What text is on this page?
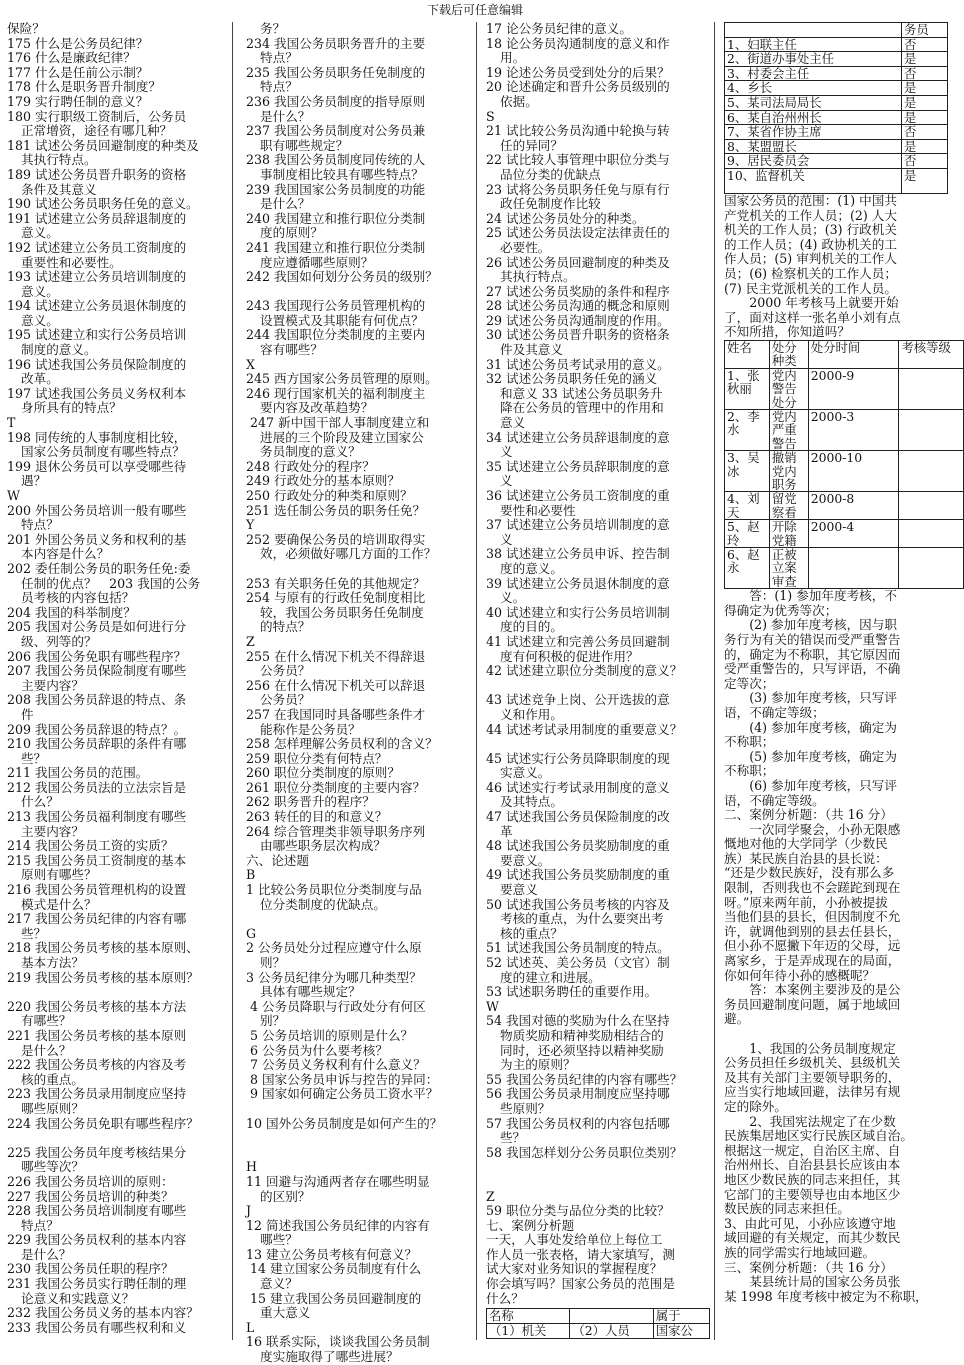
下载后可任意编辑
保险？
175 什么是公务员纪律？
176 什么是廉政纪律？
177 什么是任前公示制？
178 什么是职务晋升制度？
179 实行聘任制的意义？
180 实行职级工资制后，公务员
正常增资，途径有哪几种？
181 试述公务员回避制度的种类及
其执行特点。
189 试述公务员晋升职务的资格
条件及其意义
190 试述公务员职务任免的意义。
191 试述建立公务员辞退制度的
意义。
192 试述建立公务员工资制度的
重要性和必要性。
193 试述建立公务员培训制度的
意义。
194 试述建立公务员退休制度的
意义。
195 试述建立和实行公务员培训
制度的意义。
196 试述我国公务员保险制度的
改革。
197 试述我国公务员义务权利本
身所具有的特点？
T
198 同传统的人事制度相比较，
国家公务员制度有哪些特点？
199 退休公务员可以享受哪些待
遇？
W
200 外国公务员培训一般有哪些
特点？
201 外国公务员义务和权利的基
本内容是什么？
202 委任制公务员的职务任免:委
任制的优点？　203 我国的公务
员考核的内容包括？
204 我国的科举制度？
205 我国对公务员是如何进行分
级、列等的？
206 我国公务免职有哪些程序？
207 我国公务员保险制度有哪些
主要内容？
208 我国公务员辞退的特点、条
件
209 我国公务员辞退的特点？。
210 我国公务员辞职的条件有哪
些？
211 我国公务员的范围。
212 我国公务员法的立法宗旨是
什么？
213 我国公务员福利制度有哪些
主要内容？
214 我国公务员工资的实质？
215 我国公务员工资制度的基本
原则有哪些？
216 我国公务员管理机构的设置
模式是什么？
217 我国公务员纪律的内容有哪
些？
218 我国公务员考核的基本原则、
基本方法？
219 我国公务员考核的基本原则？
220 我国公务员考核的基本方法
有哪些？
221 我国公务员考核的基本原则
是什么？
222 我国公务员考核的内容及考
核的重点。
223 我国公务员录用制度应坚持
哪些原则？
224 我国公务员免职有哪些程序？
225 我国公务员年度考核结果分
哪些等次？
226 我国公务员培训的原则：
227 我国公务员培训的种类？
228 我国公务员培训制度有哪些
特点？
229 我国公务员权利的基本内容
是什么？
230 我国公务员任职的程序？
231 我国公务员实行聘任制的理
论意义和实践意义？
232 我国公务员义务的基本内容？
233 我国公务员有哪些权利和义
务？
234 我国公务员职务晋升的主要
特点？
235 我国公务员职务任免制度的
特点？
236 我国公务员制度的指导原则
是什么？
237 我国公务员制度对公务员兼
职有哪些规定？
238 我国公务员制度同传统的人
事制度相比较具有哪些特点？
239 我国国家公务员制度的功能
是什么？
240 我国建立和推行职位分类制
度的原则？
241 我国建立和推行职位分类制
度应遵循哪些原则？
242 我国如何划分公务员的级别？
243 我国现行公务员管理机构的
设置模式及其职能有何优点？
244 我国职位分类制度的主要内
容有哪些？
X
245 西方国家公务员管理的原则。
246 现行国家机关的福利制度主
要内容及改革趋势？
247 新中国干部人事制度建立和
进展的三个阶段及建立国家公
务员制度的意义？
248 行政处分的程序？
249 行政处分的基本原则？
250 行政处分的种类和原则？
251 选任制公务员的职务任免？
Y
252 要确保公务员的培训取得实
效，必须做好哪几方面的工作？
253 有关职务任免的其他规定？
254 与原有的行政任免制度相比
较，我国公务员职务任免制度
的特点？
Z
255 在什么情况下机关不得辞退
公务员？
256 在什么情况下机关可以辞退
公务员？
257 在我国同时具备哪些条件才
能称作是公务员？
258 怎样理解公务员权利的含义？
259 职位分类有何特点？
260 职位分类制度的原则？
261 职位分类制度的主要内容？
262 职务晋升的程序？
263 转任的目的和意义？
264 综合管理类非领导职务序列
由哪些职务层次构成？
六、论述题
B
1 比较公务员职位分类制度与品
位分类制度的优缺点。
G
2 公务员处分过程应遵守什么原
则？
3 公务员纪律分为哪几种类型？
具体有哪些规定？
4 公务员降职与行政处分有何区
别？
5 公务员培训的原则是什么？
6 公务员为什么要考核？
7 公务员义务权利有什么意义？
8 国家公务员申诉与控告的异同：
9 国家如何确定公务员工资水平？
10 国外公务员制度是如何产生的？
H
11 回避与沟通两者存在哪些明显
的区别？
J
12 简述我国公务员纪律的内容有
哪些？
13 建立公务员考核有何意义？
14 建立国家公务员制度有什么
意义？
15 建立我国公务员回避制度的
重大意义
L
16 联系实际，谈谈我国公务员制
度实施取得了哪些进展？
17 论公务员纪律的意义。
18 论公务员沟通制度的意义和作
用。
19 论述公务员受到处分的后果？
20 论述确定和晋升公务员级别的
依据。
S
21 试比较公务员沟通中轮换与转
任的异同？
22 试比较人事管理中职位分类与
品位分类的优缺点
23 试将公务员职务任免与原有行
政任免制度作比较
24 试述公务员处分的种类。
25 试述公务员法设定法律责任的
必要性。
26 试述公务员回避制度的种类及
其执行特点。
27 试述公务员奖励的条件和程序
28 试述公务员沟通的概念和原则
29 试述公务员沟通制度的作用。
30 试述公务员晋升职务的资格条
件及其意义
31 试述公务员考试录用的意义。
32 试述公务员职务任免的涵义
和意义 33 试述公务员职务升
降在公务员的管理中的作用和
意义
34 试述建立公务员辞退制度的意
义
35 试述建立公务员辞职制度的意
义
36 试述建立公务员工资制度的重
要性和必要性
37 试述建立公务员培训制度的意
义
38 试述建立公务员申诉、控告制
度的意义。
39 试述建立公务员退休制度的意
义。
40 试述建立和实行公务员培训制
度的目的。
41 试述建立和完善公务员回避制
度有何积极的促进作用？
42 试述建立职位分类制度的意义？
43 试述竞争上岗、公开选拔的意
义和作用。
44 试述考试录用制度的重要意义？
45 试述实行公务员降职制度的现
实意义。
46 试述实行考试录用制度的意义
及其特点。
47 试述我国公务员保险制度的改
革
48 试述我国公务员奖励制度的重
要意义。
49 试述我国公务员奖励制度的重
要意义
50 试述我国公务员考核的内容及
考核的重点，为什么要突出考
核的重点？
51 试述我国公务员制度的特点。
52 试述英、美公务员（文官）制
度的建立和进展。
53 试述职务聘任的重要作用。
W
54 我国对德的奖励为什么在坚持
物质奖励和精神奖励相结合的
同时，还必须坚持以精神奖励
为主的原则？
55 我国公务员纪律的内容有哪些？
56 我国公务员录用制度应坚持哪
些原则？
57 我国公务员权利的内容包括哪
些？
58 我国怎样划分公务员职位类别？
Z
59 职位分类与品位分类的比较？
七、案例分析题
一天，人事处发给单位上每位工
作人员一张表格，请大家填写，测
试大家对业务知识的掌握程度？
你会填写吗？国家公务员的范围是
什么？
名称		属于
（1）机关	（2）人员	国家公
	务员
1、妇联主任	否
2、街道办事处主任	是
3、村委会主任	否
4、乡长	是
5、某司法局局长	是
6、某自治州州长	是
7、某省作协主席	否
8、某盟盟长	是
9、居民委员会	否
10、监督机关	是
国家公务员的范围：(1) 中国共
产党机关的工作人员；(2) 人大
机关的工作人员；(3) 行政机关
的工作人员；(4) 政协机关的工
作人员；(5) 审判机关的工作人
员；(6) 检察机关的工作人员；
(7) 民主党派机关的工作人员。
　　2000 年考核马上就要开始
了，面对这样一张名单小刘有点
不知所措，你知道吗？
姓名	处分种类	处分时间	考核等级
1、张秋丽	党内警告处分	2000-9	
2、李水	党内严重警告	2000-3	
3、吴冰	撤销党内职务	2000-10	
4、刘天	留党察看	2000-8	
5、赵玲	开除党籍	2000-4	
6、赵永	正被立案审查		
　　答：(1) 参加年度考核，不
得确定为优秀等次；
　　(2) 参加年度考核，因与职
务行为有关的错误而受严重警告
的，确定为不称职，其它原因而
受严重警告的，只写评语，不确
定等次；
　　(3) 参加年度考核，只写评
语，不确定等级；
　　(4) 参加年度考核，确定为
不称职；
　　(5) 参加年度考核，确定为
不称职；
　　(6) 参加年度考核，只写评
语，不确定等级。
二、案例分析题：（共 16 分）
　　一次同学聚会，小孙无限感
慨地对他的大学同学（少数民
族）某民族自治县的县长说：
“还是少数民族好，没有那么多
限制，否则我也不会蹉跎到现在
呀。”原来两年前，小孙被提拔
当他们县的县长，但因制度不允
许，就调他到别的县去任县长，
但小孙不愿撇下年迈的父母，远
离家乡，于是弄成现在的局面，
你如何年待小孙的感概呢？
　　答：本案例主要涉及的是公
务员回避制度问题，属于地域回
避。
　　1、我国的公务员制度规定
公务员担任乡级机关、县级机关
及其有关部门主要领导职务的，
应当实行地域回避，法律另有规
定的除外。
　　2、我国宪法规定了在少数
民族集居地区实行民族区域自治。
根据这一规定，自治区主席、自
治州州长、自治县县长应该由本
地区少数民族的同志来担任，其
它部门的主要领导也由本地区少
数民族的同志来担任。
3、由此可见，小孙应该遵守地
域回避的有关规定，而其少数民
族的同学需实行地域回避。
三、案例分析题：（共 16 分）
　　某县统计局的国家公务员张
某 1998 年度考核中被定为不称职，
